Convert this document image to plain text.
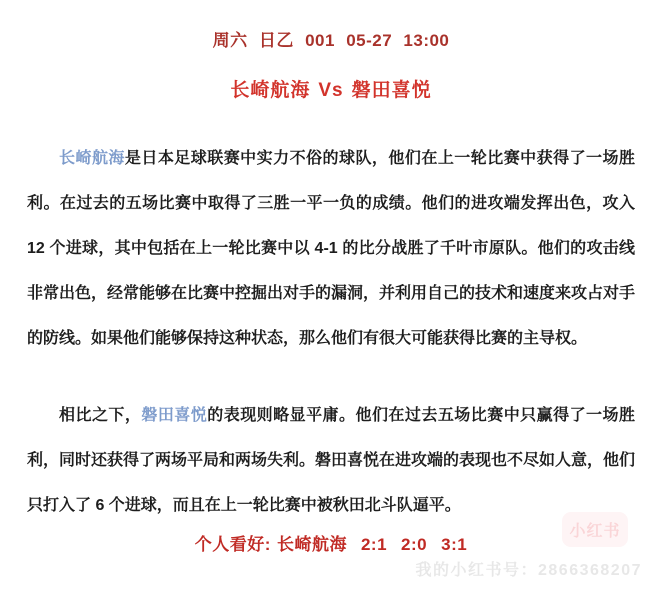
周六 日乙 001 05-27 13:00
长崎航海 Vs 磐田喜悦

长崎航海是日本足球联赛中实力不俗的球队，他们在上一轮比赛中获得了一场胜利。在过去的五场比赛中取得了三胜一平一负的成绩。他们的进攻端发挥出色，攻入 12 个进球，其中包括在上一轮比赛中以 4-1 的比分战胜了千叶市原队。他们的攻击线非常出色，经常能够在比赛中控掘出对手的漏洞，并利用自己的技术和速度来攻占对手的防线。如果他们能够保持这种状态，那么他们有很大可能获得比赛的主导权。

相比之下，磐田喜悦的表现则略显平庸。他们在过去五场比赛中只赢得了一场胜利，同时还获得了两场平局和两场失利。磐田喜悦在进攻端的表现也不尽如人意，他们只打入了 6 个进球，而且在上一轮比赛中被秋田北斗队逼平。

个人看好: 长崎航海 2:1 2:0 3:1
小红书
我的小红书号：2866368207
